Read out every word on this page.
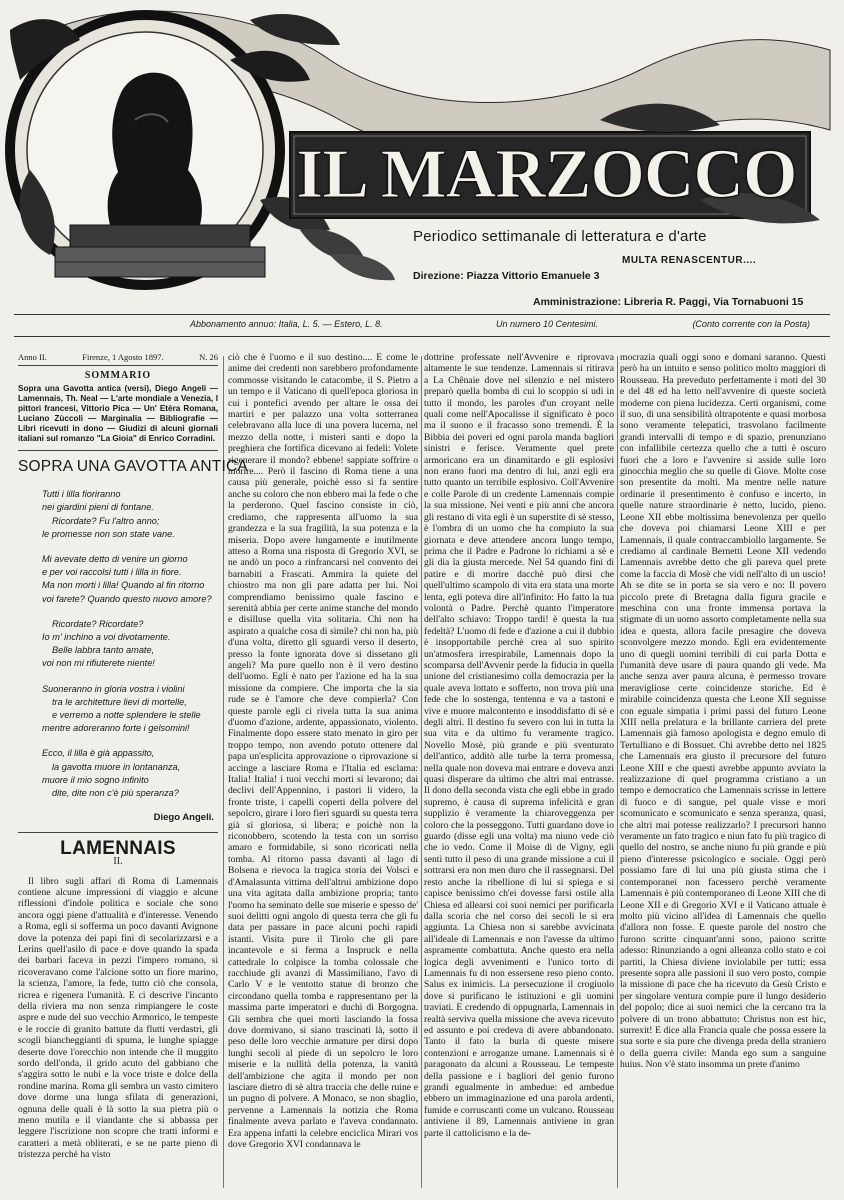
IL MARZOCCO
Periodico settimanale di letteratura e d'arte
MULTA RENASCENTUR....
Direzione: Piazza Vittorio Emanuele 3
Amministrazione: Libreria R. Paggi, Via Tornabuoni 15
Abbonamento annuo: Italia, L. 5. — Estero, L. 8.	Un numero 10 Centesimi.	(Conto corrente con la Posta)
Anno II.	Firenze, 1 Agosto 1897.	N. 26
SOMMARIO
Sopra una Gavotta antica (versi), Diego Angeli — Lamennais, Th. Neal — L'arte mondiale a Venezia, I pittori francesi, Vittorio Pica — Un' Etèra Romana, Luciano Zùccoli — Marginalia — Bibliografie — Libri ricevuti in dono — Giudizi di alcuni giornali italiani sul romanzo "La Gioia" di Enrico Corradini.
SOPRA UNA GAVOTTA ANTICA
Tutti i lilla fioriranno
nei giardini pieni di fontane.
Ricordate? Fu l'altro anno;
le promesse non son state vane.
Mi avevate detto di venire un giorno
e per voi raccolsi tutti i lilla in fiore.
Ma non morti i lilla! Quando al fin ritorno
voi farete? Quando questo nuovo amore?
Ricordate? Ricordate?
Io m' inchino a voi divotamente.
Belle labbra tanto amate,
voi non mi rifiuterete niente!
Suoneranno in gloria vostra i violini
tra le architetture lievi di mortelle,
e verremo a notte splendere le stelle
mentre adoreranno forte i gelsomini!
Ecco, il lilla è già appassito,
la gavotta muore in lontananza,
muore il mio sogno infinito
dite, dite non c'è più speranza?
Diego Angeli.
LAMENNAIS
II.

Il libro sugli affari di Roma di Lamennais contiene alcune impressioni di viaggio e alcune riflessioni d'indole politica e sociale che sono ancora oggi piene d'attualità e d'interesse. Venendo a Roma, egli si sofferma un poco davanti Avignone dove la potenza dei papi finì di secolarizzarsi e a Lerins quell'asilo di pace e dove quando la spada dei barbari faceva in pezzi l'impero romano, si ricoveravano come l'alcione sotto un fiore marino, la scienza, l'amore, la fede, tutto ciò che consola, ricrea e rigenera l'umanità. E ci descrive l'incanto della riviera ma non senza rimpiangere le coste aspre e nude del suo vecchio Armorico, le tempeste e le roccie di granito battute da flutti verdastri, gli scogli biancheggianti di spuma, le lunghe spiagge deserte dove l'orecchio non intende che il muggito sordo dell'onda, il grido acuto del gabbiano che s'aggira sotto le nubi e la voce triste e dolce della rondine marina. Roma gli sembra un vasto cimitero dove dorme una lunga sfilata di generazioni, ognuna delle quali è là sotto la sua pietra più o meno mutila e il viandante che si abbassa per leggere l'iscrizione non scopre che tratti informi e caratteri a metà obliterati, e se ne parte pieno di tristezza perchè ha visto

ciò che è l'uomo e il suo destino.... E come le anime dei credenti non sarebbero profondamente commosse visitando le catacombe, il S. Pietro a un tempo e il Vaticano di quell'epoca gloriosa in cui i pontefici avendo per altare le ossa dei martiri e per palazzo una volta sotterranea celebravano alla luce di una povera lucerna, nel mezzo della notte, i misteri santi e dopo la preghiera che fortifica dicevano ai fedeli: Volete rigenerare il mondo? ebbene! sappiate soffrire o morire.... Però il fascino di Roma tiene a una causa più generale, poichè esso si fa sentire anche su coloro che non ebbero mai la fede o che la perderono. Quel fascino consiste in ciò, crediamo, che rappresenta all'uomo la sua grandezza e la sua fragilità, la sua potenza e la miseria. Dopo avere lungamente e inutilmente atteso a Roma una risposta di Gregorio XVI, se ne andò un poco a rinfrancarsi nel convento dei barnabiti a Frascati. Ammira la quiete del chiostro ma non gli pare adatta per lui. Noi comprendiamo benissimo quale fascino e serenità abbia per certe anime stanche del mondo e disilluse quella vita solitaria. Chi non ha aspirato a qualche cosa di simile? chi non ha, più d'una volta, diretto gli sguardi verso il deserto, presso la fonte ignorata dove si dissetano gli angeli? Ma pure quello non è il vero destino dell'uomo. Egli è nato per l'azione ed ha la sua missione da compiere. Che importa che la sia rude se è l'amore che deve compierla? Con queste parole egli ci rivela tutta la sua anima d'uomo d'azione, ardente, appassionato, violento. Finalmente dopo essere stato menato in giro per troppo tempo, non avendo potuto ottenere dal papa un'esplicita approvazione o riprovazione si accinge a lasciare Roma e l'Italia ed esclama: Italia! Italia! i tuoi vecchi morti si levarono; dai declivi dell'Appennino, i pastori li videro, la fronte triste, i capelli coperti della polvere del sepolcro, girare i loro fieri sguardi su questa terra già sì gloriosa, sì libera; e poichè non la riconobbero, scotendo la testa con un sorriso amaro e formidabile, si sono ricoricati nella tomba. Al ritorno passa davanti al lago di Bolsena e rievoca la tragica storia dei Volsci e d'Amalasunta vittima dell'altrui ambizione dopo una vita agitata dalla ambizione propria; tanto l'uomo ha seminato delle sue miserie e spesso de' suoi delitti ogni angolo di questa terra che gli fu data per passare in pace alcuni pochi rapidi istanti. Visita pure il Tirolo che gli pare incantevole e si ferma a Inspruck e nella cattedrale lo colpisce la tomba colossale che racchiude gli avanzi di Massimiliano, l'avo di Carlo V e le ventotto statue di bronzo che circondano quella tomba e rappresentano per la massima parte imperatori e duchi di Borgogna. Gli sembra che quei morti lasciando la fossa dove dormivano, si siano trascinati là, sotto il peso delle loro vecchie armature per dirsi dopo lunghi secoli al piede di un sepolcro le loro miserie e la nullità della potenza, la vanità dell'ambizione che agita il mondo per non lasciare dietro di sè altra traccia che delle ruine e un pugno di polvere. A Monaco, se non sbaglio, pervenne a Lamennais la notizia che Roma finalmente aveva parlato e l'aveva condannato. Era appena infatti la celebre enciclica Mirari vos dove Gregorio XVI condannava le

dottrine professate nell'Avvenire e riprovava altamente le sue tendenze. Lamennais si ritirava a La Chênaie dove nel silenzio e nel mistero preparò quella bomba di cui lo scoppio si udì in tutto il mondo, les paroles d'un croyant nelle quali come nell'Apocalisse il significato è poco ma il suono e il fracasso sono tremendi. È la Bibbia dei poveri ed ogni parola manda bagliori sinistri e ferisce. Veramente quel prete armoricano era un dinamitardo e gli esplosivi non erano fuori ma dentro di lui, anzi egli era tutto quanto un terribile esplosivo. Coll'Avvenire e colle Parole di un credente Lamennais compie la sua missione. Nei venti e più anni che ancora gli restano di vita egli è un superstite di sè stesso, è l'ombra di un uomo che ha compiuto la sua giornata e deve attendere ancora lungo tempo, prima che il Padre e Padrone lo richiami a sè e gli dia la giusta mercede. Nel 54 quando finì di patire e di morire dacchè può dirsi che quell'ultimo scampolo di vita era stata una morte lenta, egli poteva dire all'infinito: Ho fatto la tua volontà o Padre. Perchè quanto l'imperatore dell'alto schiavo: Troppo tardi! è questa la tua fedeltà? L'uomo di fede e d'azione a cui il dubbio è insopportabile perchè crea al suo spirito un'atmosfera irrespirabile, Lamennais dopo la scomparsa dell'Avvenir perde la fiducia in quella unione del cristianesimo colla democrazia per la quale aveva lottato e sofferto, non trova più una fede che lo sostenga, tentenna e va a tastoni e vive e muore malcontento e insoddisfatto di sè e degli altri. Il destino fu severo con lui in tutta la sua vita e da ultimo fu veramente tragico. Novello Mosè, più grande e più sventurato dell'antico, additò alle turbe la terra promessa, nella quale non doveva mai entrare e doveva anzi quasi disperare da ultimo che altri mai entrasse. Il dono della seconda vista che egli ebbe in grado supremo, è causa di suprema infelicità e gran supplizio è veramente la chiaroveggenza per coloro che la posseggono. Tutti guardano dove io guardo (disse egli una volta) ma niuno vede ciò che io vedo. Come il Moise di de Vigny, egli sentì tutto il peso di una grande missione a cui il sottrarsi era non men duro che il rassegnarsi. Del resto anche la ribellione di lui si spiega e si capisce benissimo ch'ei dovesse farsi ostile alla Chiesa ed allearsi coi suoi nemici per purificarla dalla scoria che nel corso dei secoli le si era aggiunta. La Chiesa non si sarebbe avvicinata all'ideale di Lamennais e non l'avesse da ultimo aspramente combattuta. Anche questo era nella logica degli avvenimenti e l'unico torto di Lamennais fu di non essersene reso pieno conto. Salus ex inimicis. La persecuzione il crogiuolo dove si purificano le istituzioni e gli uomini traviati. E credendo di oppugnarla, Lamennais in realtà serviva quella missione che aveva ricevuto ed assunto e poi credeva di avere abbandonato. Tanto il fato la burla di queste misere contenzioni e arroganze umane. Lamennais si è paragonato da alcuni a Rousseau. Le tempeste della passione e i bagliori del genio furono grandi egualmente in ambedue: ed ambedue ebbero un immaginazione ed una parola ardenti, fumide e corruscanti come un vulcano. Rousseau antiviene il 89, Lamennais antiviene in gran parte il cattolicismo e la de-

mocrazia quali oggi sono e domani saranno. Questi però ha un intuito e senso politico molto maggiori di Rousseau. Ha preveduto perfettamente i moti del 30 e del 48 ed ha letto nell'avvenire di queste società moderne con piena lucidezza. Certi organismi, come il suo, di una sensibilità oltrapotente e quasi morbosa sono veramente telepatici, trasvolano facilmente grandi intervalli di tempo e di spazio, prenunziano con infallibile certezza quello che a tutti è oscuro fuori che a loro e l'avvenire si asside sulle loro ginocchia meglio che su quelle di Giove. Molte cose son presentite da molti. Ma mentre nelle nature ordinarie il presentimento è confuso e incerto, in quelle nature straordinarie è netto, lucido, pieno. Leone XII ebbe moltissima benevolenza per quello che doveva poi chiamarsi Leone XIII e per Lamennais, il quale contraccambiollo largamente. Se crediamo al cardinale Bernetti Leone XII vedendo Lamennais avrebbe detto che gli pareva quel prete come la faccia di Mosè che vidi nell'alto di un uscio! Ah se dite se in porta se sia vero e no: Il povero piccolo prete di Bretagna dalla figura gracile e meschina con una fronte immensa portava la stigmate di un uomo assorto completamente nella sua idea e questa, allora facile presagire che doveva sconvolgere mezzo mondo. Egli era evidentemente uno di quegli uomini terribili di cui parla Dotta e l'umanità deve usare di paura quando gli vede. Ma anche senza aver paura alcuna, è permesso trovare meravigliose certe coincidenze storiche. Ed è mirabile coincidenza questa che Leone XII seguisse con eguale simpatia i primi passi del futuro Leone XIII nella prelatura e la brillante carriera del prete Lamennais già famoso apologista e degno emulo di Tertulliano e di Bossuet. Chi avrebbe detto nel 1825 che Lamennais era giusto il precursore del futuro Leone XIII e che questi avrebbe appunto avviato la realizzazione di quel programma cristiano a un tempo e democratico che Lamennais scrisse in lettere di fuoco e di sangue, pel quale visse e morì scomunicato e scomunicato e senza speranza, quasi, che altri mai potesse realizzarlo? I precursori hanno veramente un fato tragico e niun fato fu più tragico di quello del nostro, se anche niuno fu più grande e più pieno d'interesse psicologico e sociale. Oggi però possiamo fare di lui una più giusta stima che i contemporanei non facessero perchè veramente Lamennais è più contemporaneo di Leone XIII che di Leone XII e di Gregorio XVI e il Vaticano attuale è molto più vicino all'idea di Lamennais che quello d'allora non fosse. E queste parole del nostro che furono scritte cinquant'anni sono, paiono scritte adesso: Rinunziando a ogni alleanza collo stato e coi partiti, la Chiesa diviene inviolabile per tutti; essa presente sopra alle passioni il suo vero posto, compie la missione di pace che ha ricevuto da Gesù Cristo e per singolare ventura compie pure il lungo desiderio del popolo; dice ai suoi nemici che la cercano tra la polvere di un trono abbattuto: Christus non est hic, surrexit! E dice alla Francia quale che possa essere la sua sorte e sia pure che divenga preda della straniero o della guerra civile: Manda ego sum a sanguine huius. Non v'è stato insomma un prete d'animo
